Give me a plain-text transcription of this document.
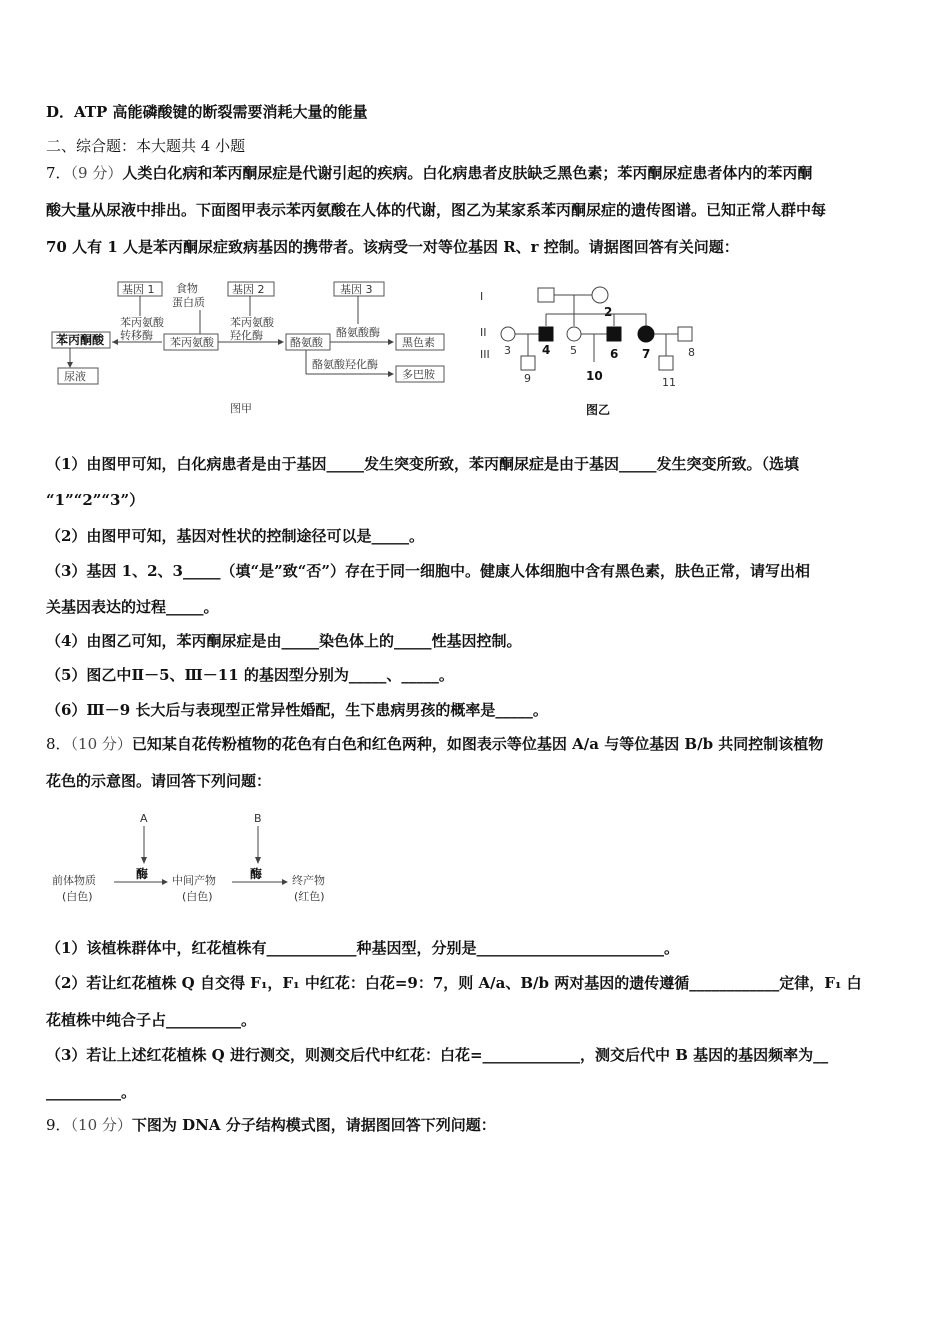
D．ATP 高能磷酸键的断裂需要消耗大量的能量
二、综合题：本大题共 4 小题
7．（9 分）人类白化病和苯丙酮尿症是代谢引起的疾病。白化病患者皮肤缺乏黑色素；苯丙酮尿症患者体内的苯丙酮
酸大量从尿液中排出。下面图甲表示苯丙氨酸在人体的代谢，图乙为某家系苯丙酮尿症的遗传图谱。已知正常人群中每
70 人有 1 人是苯丙酮尿症致病基因的携带者。该病受一对等位基因 R、r 控制。请据图回答有关问题：
基因 1 食物
蛋白质
基因 2	基因 3
苯丙氨酸
转移酶
苯丙氨酸
羟化酶	酪氨酸酶
苯丙酮酸	苯丙氨酸	酪氨酸	黑色素
尿液
酪氨酸羟化酶
多巴胺
图甲
I
II
III
2
3	4 5	6 7	8
9	10	11
图乙
（1）由图甲可知，白化病患者是由于基因_____发生突变所致，苯丙酮尿症是由于基因_____发生突变所致。（选填
“1”“2”“3”）
（2）由图甲可知，基因对性状的控制途径可以是_____。
（3）基因 1、2、3_____（填“是”致“否”）存在于同一细胞中。健康人体细胞中含有黑色素，肤色正常，请写出相
关基因表达的过程_____。
（4）由图乙可知，苯丙酮尿症是由_____染色体上的_____性基因控制。
（5）图乙中Ⅱ－5、Ⅲ－11 的基因型分别为_____、_____。
（6）Ⅲ－9 长大后与表现型正常异性婚配，生下患病男孩的概率是_____。
8．（10 分）已知某自花传粉植物的花色有白色和红色两种，如图表示等位基因 A/a 与等位基因 B/b 共同控制该植物
花色的示意图。请回答下列问题：
A	B
前体物质
(白色)
酶 中间产物
(白色)
酶	终产物
(红色)
（1）该植株群体中，红花植株有____________种基因型，分别是_________________________。
（2）若让红花植株 Q 自交得 F₁，F₁ 中红花：白花=9：7，则 A/a、B/b 两对基因的遗传遵循____________定律，F₁ 白
花植株中纯合子占__________。
（3）若让上述红花植株 Q 进行测交，则测交后代中红花：白花=_____________，测交后代中 B 基因的基因频率为__
__________。
9．（10 分）下图为 DNA 分子结构模式图，请据图回答下列问题：
